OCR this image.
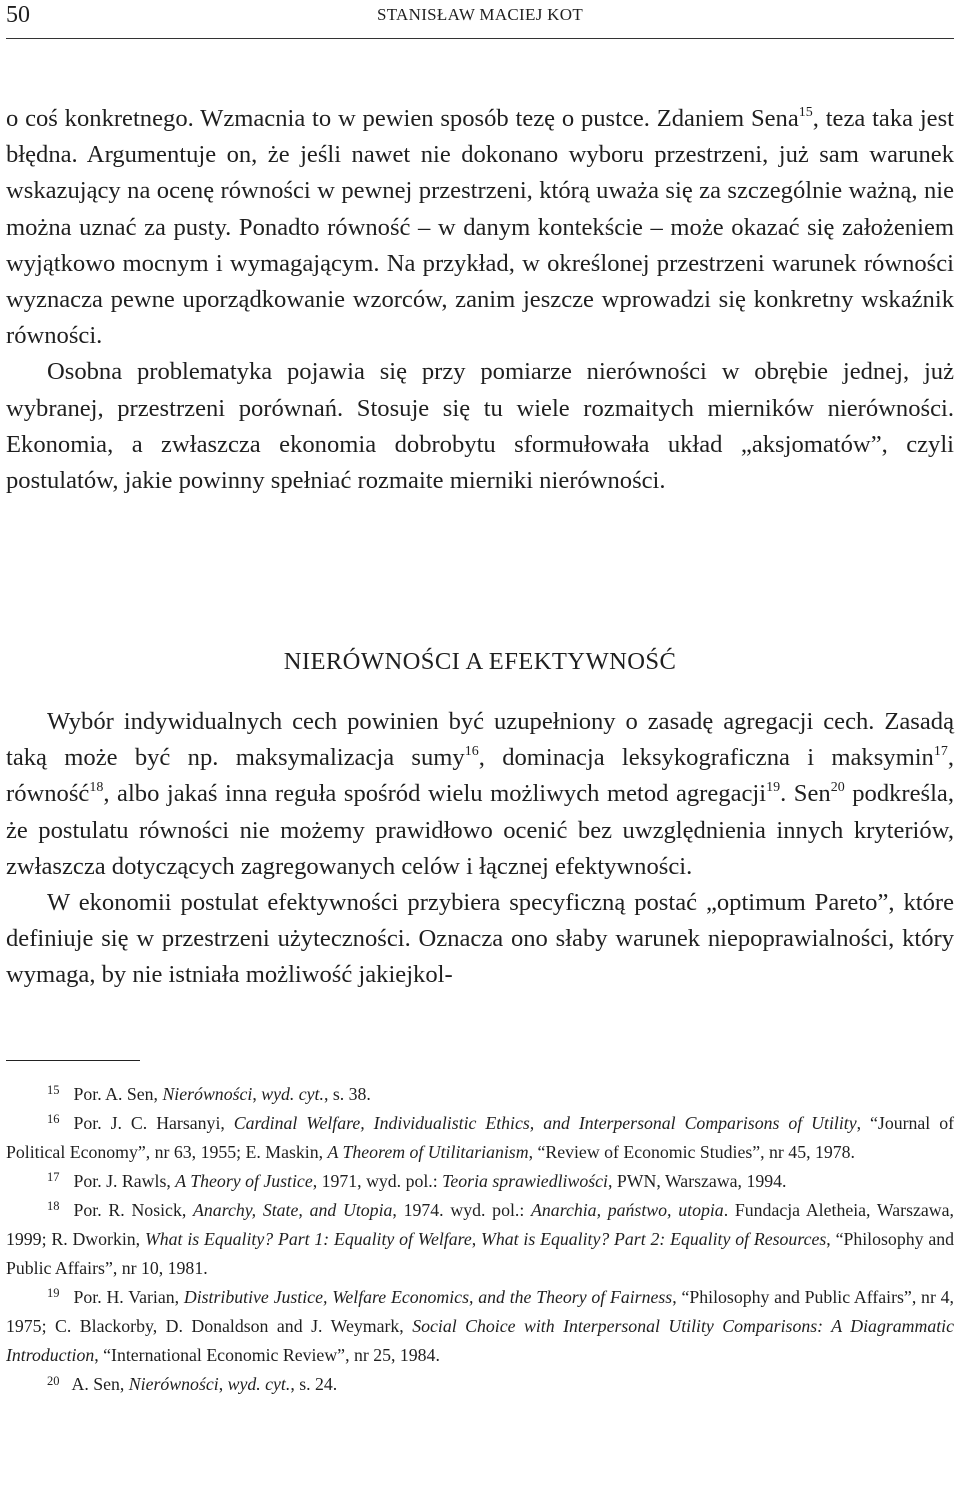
50	STANISŁAW MACIEJ KOT

o coś konkretnego. Wzmacnia to w pewien sposób tezę o pustce. Zdaniem Sena$^{15}$, teza taka jest błędna. Argumentuje on, że jeśli nawet nie dokonano wyboru przestrzeni, już sam warunek wskazujący na ocenę równości w pewnej przestrzeni, którą uważa się za szczególnie ważną, nie można uznać za pusty. Ponadto równość – w danym kontekście – może okazać się założeniem wyjątkowo mocnym i wymagającym. Na przykład, w określonej przestrzeni warunek równości wyznacza pewne uporządkowanie wzorców, zanim jeszcze wprowadzi się konkretny wskaźnik równości.

Osobna problematyka pojawia się przy pomiarze nierówności w obrębie jednej, już wybranej, przestrzeni porównań. Stosuje się tu wiele rozmaitych mierników nierówności. Ekonomia, a zwłaszcza ekonomia dobrobytu sformułowała układ „aksjomatów”, czyli postulatów, jakie powinny spełniać rozmaite mierniki nierówności.

NIERÓWNOŚCI A EFEKTYWNOŚĆ

Wybór indywidualnych cech powinien być uzupełniony o zasadę agregacji cech. Zasadą taką może być np. maksymalizacja sumy$^{16}$, dominacja leksykograficzna i maksymin$^{17}$, równość$^{18}$, albo jakaś inna reguła spośród wielu możliwych metod agregacji$^{19}$. Sen$^{20}$ podkreśla, że postulatu równości nie możemy prawidłowo ocenić bez uwzględnienia innych kryteriów, zwłaszcza dotyczących zagregowanych celów i łącznej efektywności.

W ekonomii postulat efektywności przybiera specyficzną postać „optimum Pareto”, które definiuje się w przestrzeni użyteczności. Oznacza ono słaby warunek niepoprawialności, który wymaga, by nie istniała możliwość jakiejkol-

$^{15}$ Por. A. Sen, Nierówności, wyd. cyt., s. 38.

$^{16}$ Por. J. C. Harsanyi, Cardinal Welfare, Individualistic Ethics, and Interpersonal Comparisons of Utility, “Journal of Political Economy”, nr 63, 1955; E. Maskin, A Theorem of Utilitarianism, “Review of Economic Studies”, nr 45, 1978.

$^{17}$ Por. J. Rawls, A Theory of Justice, 1971, wyd. pol.: Teoria sprawiedliwości, PWN, Warszawa, 1994.

$^{18}$ Por. R. Nosick, Anarchy, State, and Utopia, 1974. wyd. pol.: Anarchia, państwo, utopia. Fundacja Aletheia, Warszawa, 1999; R. Dworkin, What is Equality? Part 1: Equality of Welfare, What is Equality? Part 2: Equality of Resources, “Philosophy and Public Affairs”, nr 10, 1981.

$^{19}$ Por. H. Varian, Distributive Justice, Welfare Economics, and the Theory of Fairness, “Philosophy and Public Affairs”, nr 4, 1975; C. Blackorby, D. Donaldson and J. Weymark, Social Choice with Interpersonal Utility Comparisons: A Diagrammatic Introduction, “International Economic Review”, nr 25, 1984.

$^{20}$ A. Sen, Nierówności, wyd. cyt., s. 24.
